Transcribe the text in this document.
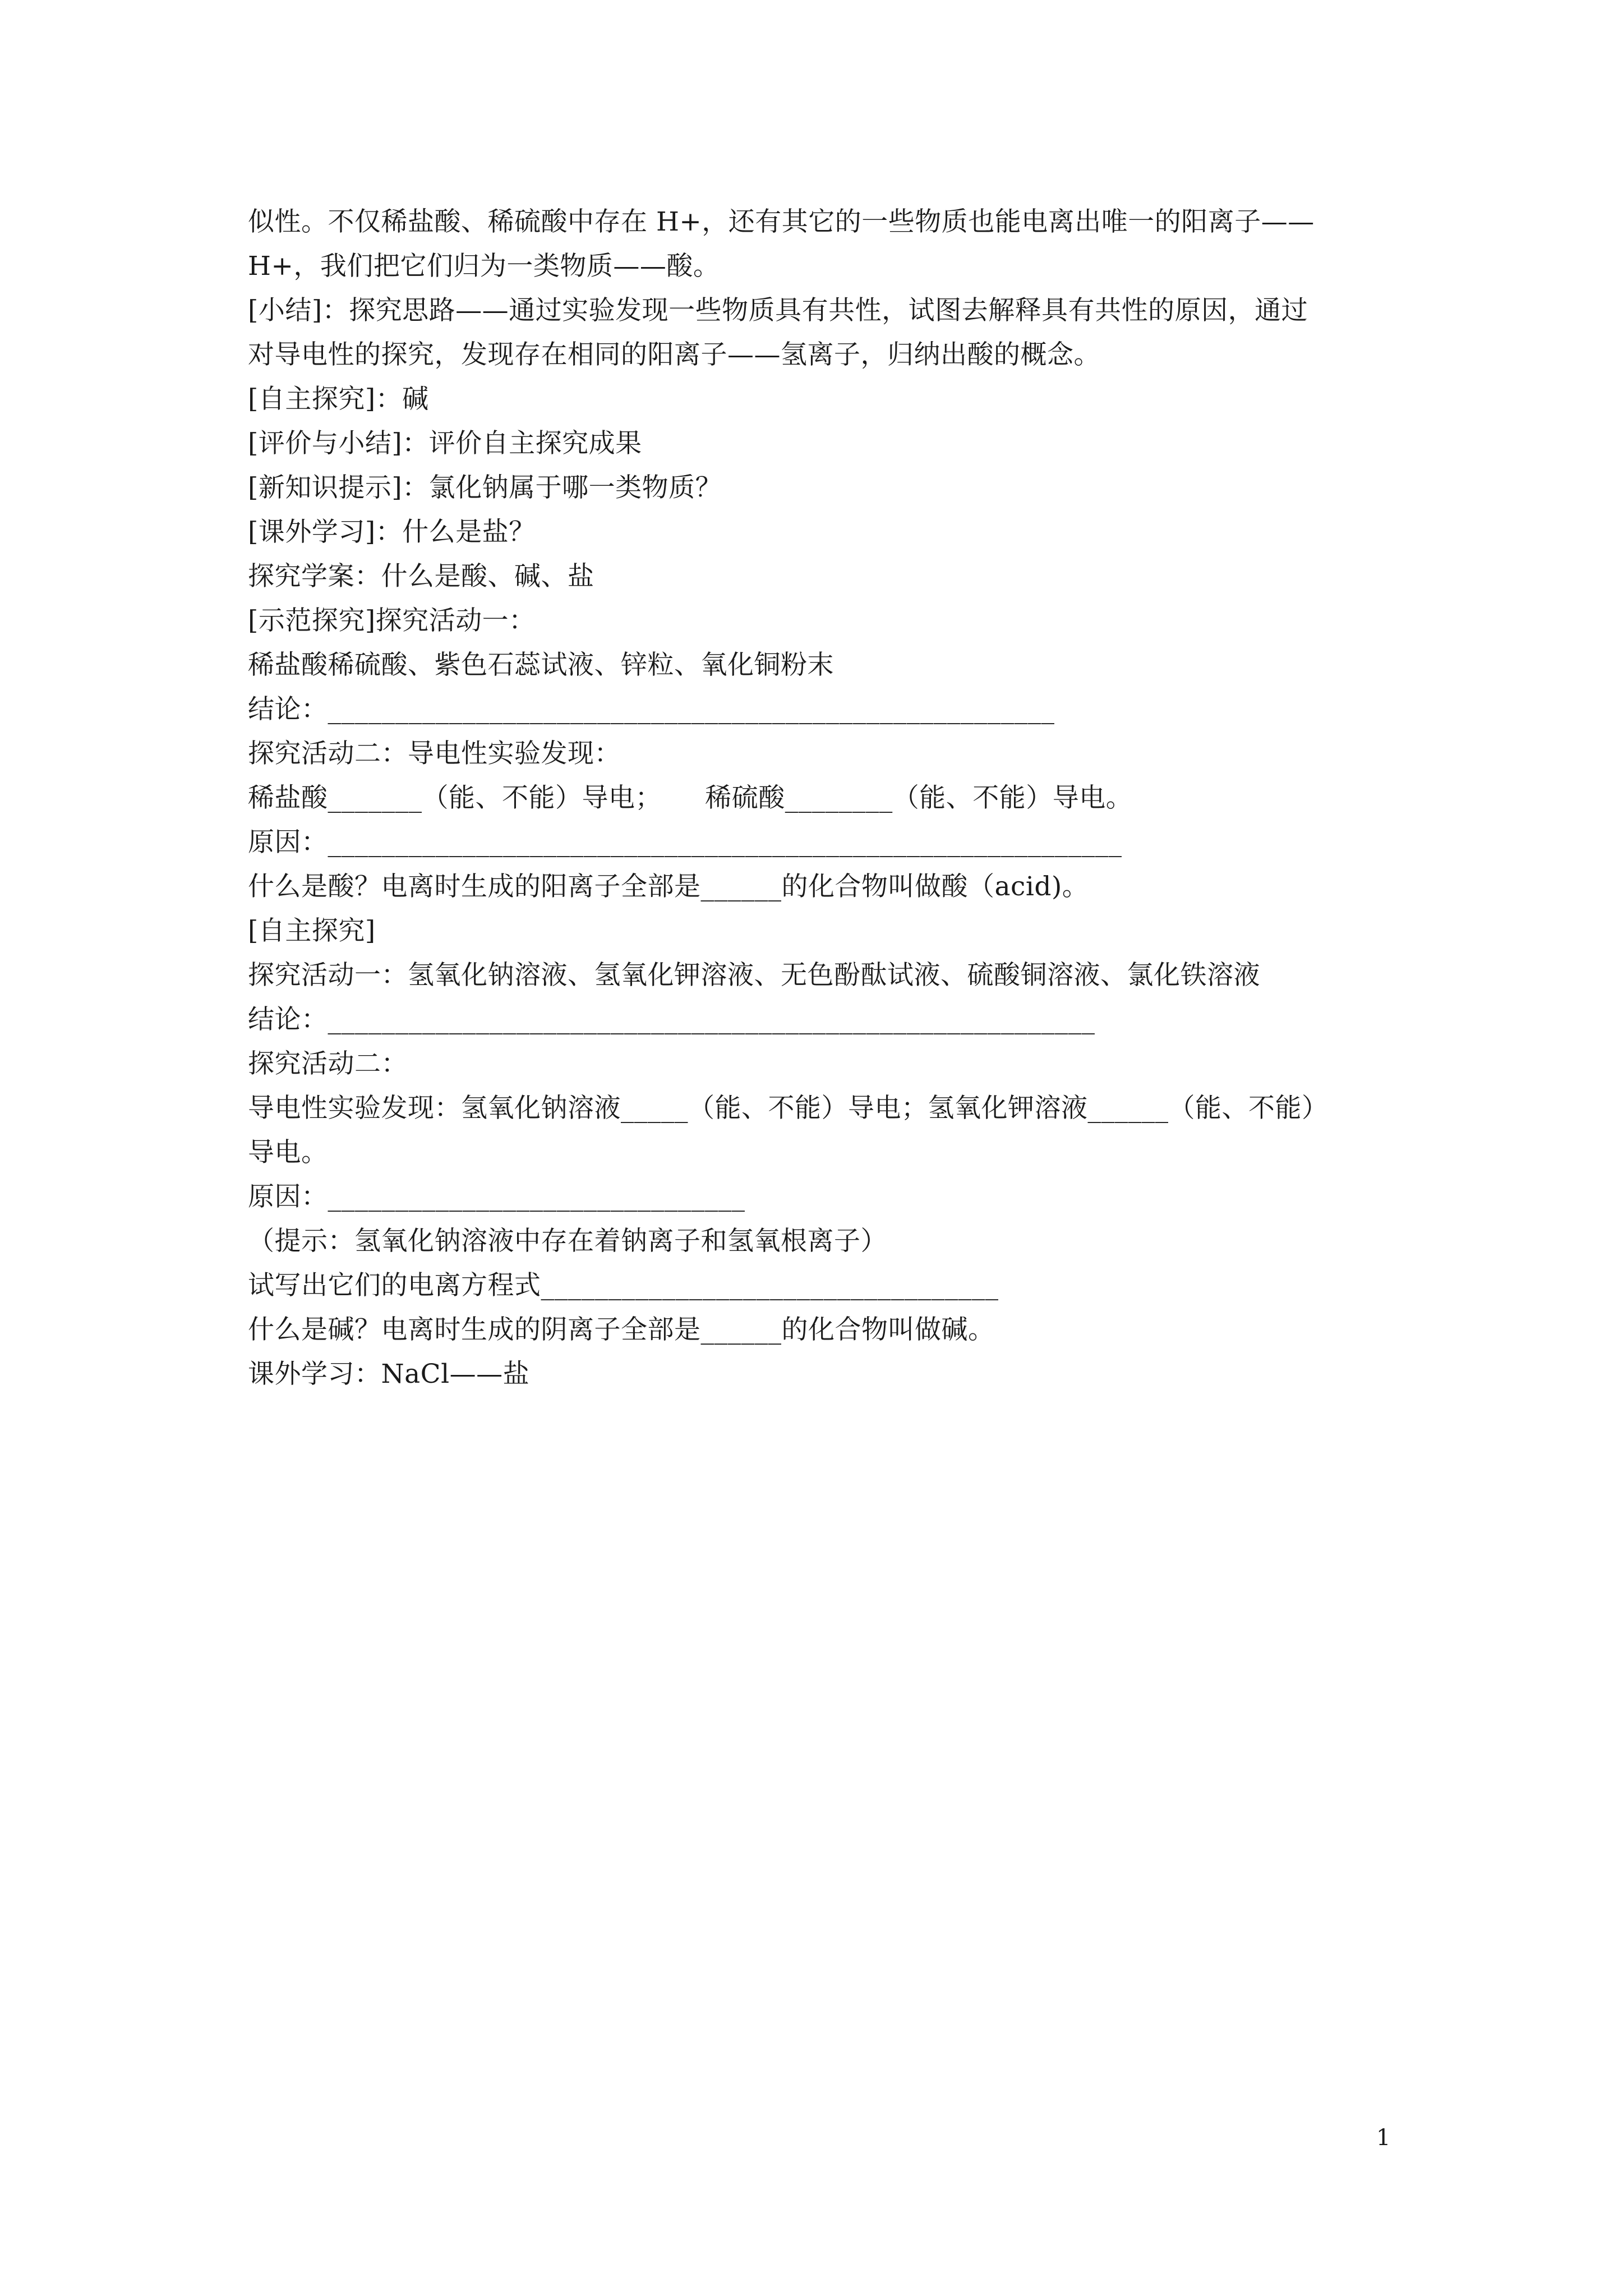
似性。不仅稀盐酸、稀硫酸中存在 H+，还有其它的一些物质也能电离出唯一的阳离子——
H+，我们把它们归为一类物质——酸。
[小结]：探究思路——通过实验发现一些物质具有共性，试图去解释具有共性的原因，通过
对导电性的探究，发现存在相同的阳离子——氢离子，归纳出酸的概念。
[自主探究]：碱
[评价与小结]：评价自主探究成果
[新知识提示]：氯化钠属于哪一类物质？
[课外学习]：什么是盐？
探究学案：什么是酸、碱、盐
[示范探究]探究活动一：
稀盐酸稀硫酸、紫色石蕊试液、锌粒、氧化铜粉末
结论：______________________________________________________
探究活动二：导电性实验发现：
稀盐酸_______（能、不能）导电；     稀硫酸________（能、不能）导电。
原因：___________________________________________________________
什么是酸？电离时生成的阳离子全部是______的化合物叫做酸（acid)。
[自主探究]
探究活动一：氢氧化钠溶液、氢氧化钾溶液、无色酚酞试液、硫酸铜溶液、氯化铁溶液
结论：_________________________________________________________
探究活动二：
导电性实验发现：氢氧化钠溶液_____（能、不能）导电；氢氧化钾溶液______（能、不能）
导电。
原因：_______________________________
（提示：氢氧化钠溶液中存在着钠离子和氢氧根离子）
试写出它们的电离方程式__________________________________
什么是碱？电离时生成的阴离子全部是______的化合物叫做碱。
课外学习：NaCl——盐
1
